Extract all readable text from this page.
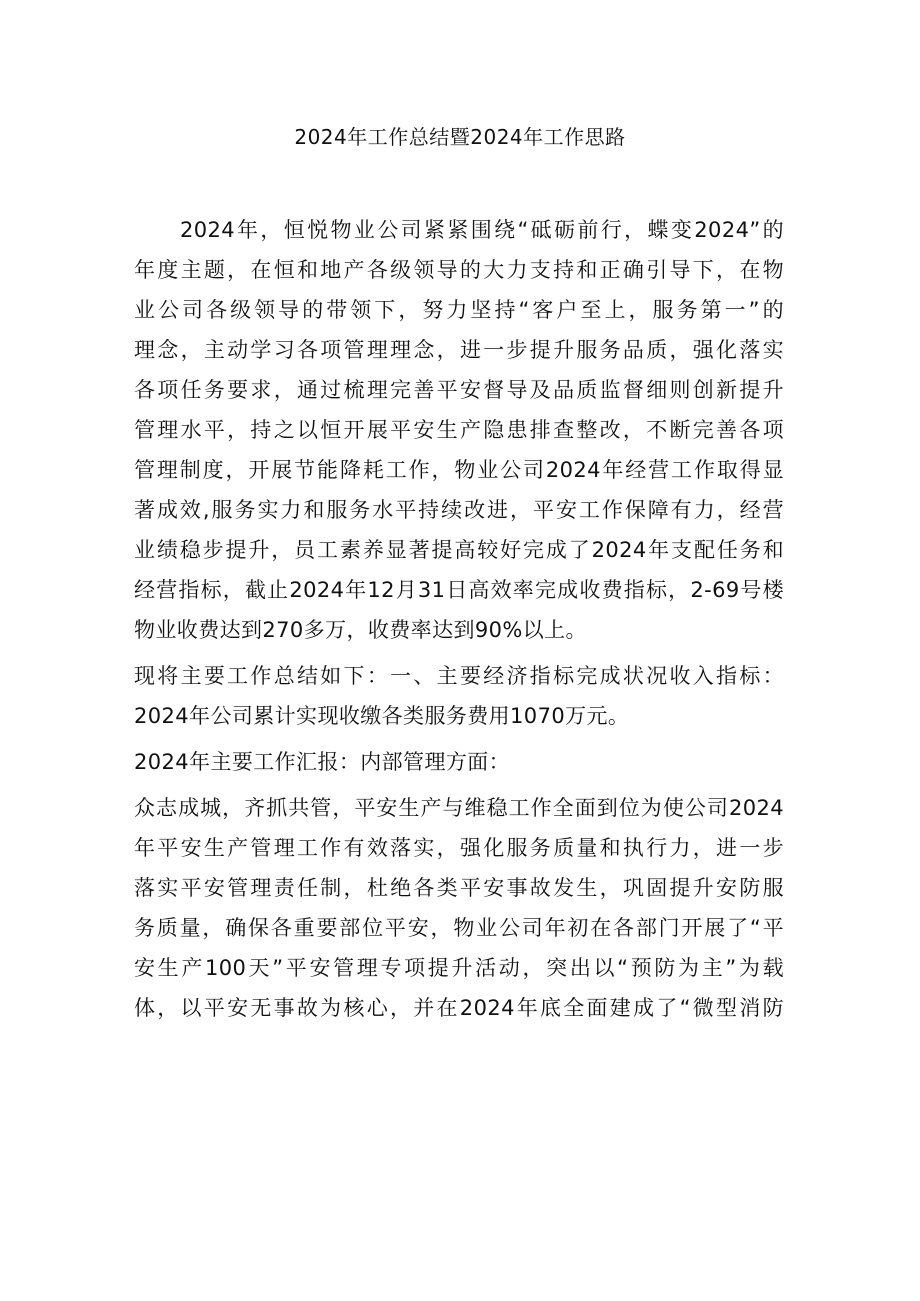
2024年工作总结暨2024年工作思路
2024年，恒悦物业公司紧紧围绕“砥砺前行，蝶变2024”的
年度主题，在恒和地产各级领导的大力支持和正确引导下，在物
业公司各级领导的带领下，努力坚持“客户至上，服务第一”的
理念，主动学习各项管理理念，进一步提升服务品质，强化落实
各项任务要求，通过梳理完善平安督导及品质监督细则创新提升
管理水平，持之以恒开展平安生产隐患排查整改，不断完善各项
管理制度，开展节能降耗工作，物业公司2024年经营工作取得显
著成效,服务实力和服务水平持续改进，平安工作保障有力，经营
业绩稳步提升，员工素养显著提高较好完成了2024年支配任务和
经营指标，截止2024年12月31日高效率完成收费指标，2-69号楼
物业收费达到270多万，收费率达到90%以上。
现将主要工作总结如下：一、主要经济指标完成状况收入指标：
2024年公司累计实现收缴各类服务费用1070万元。
2024年主要工作汇报：内部管理方面：
众志成城，齐抓共管，平安生产与维稳工作全面到位为使公司2024
年平安生产管理工作有效落实，强化服务质量和执行力，进一步
落实平安管理责任制，杜绝各类平安事故发生，巩固提升安防服
务质量，确保各重要部位平安，物业公司年初在各部门开展了“平
安生产100天”平安管理专项提升活动，突出以“预防为主”为载
体，以平安无事故为核心，并在2024年底全面建成了“微型消防
